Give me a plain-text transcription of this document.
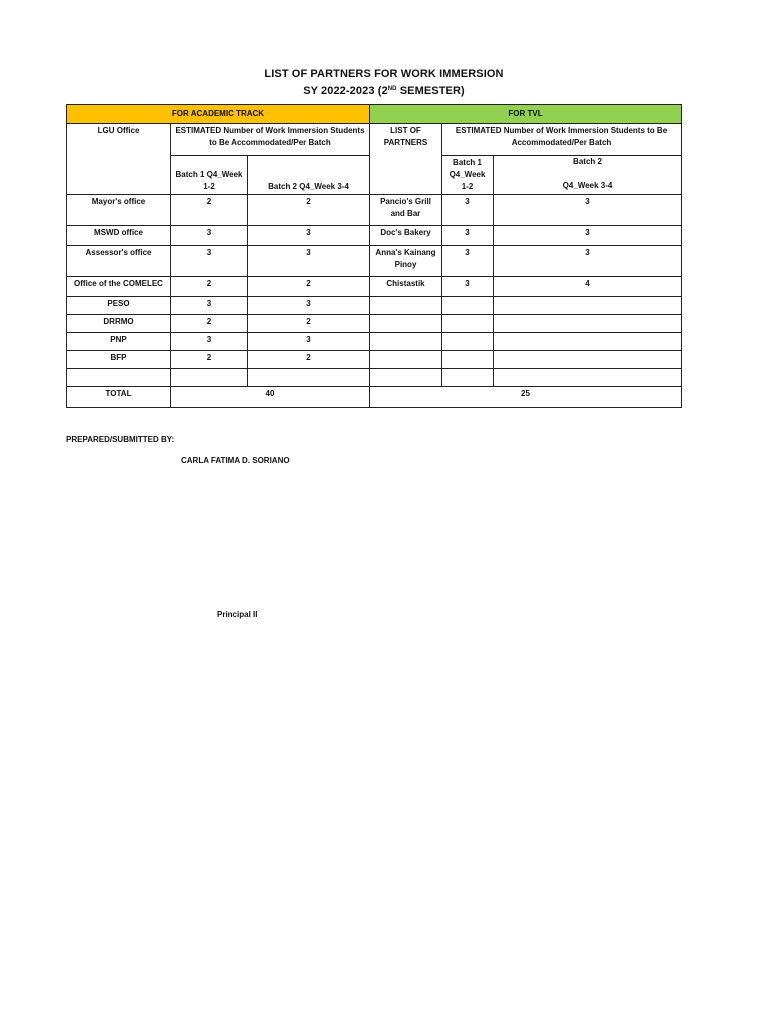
LIST OF PARTNERS FOR WORK IMMERSION
SY 2022-2023 (2ND SEMESTER)
FOR ACADEMIC TRACK			FOR TVL		
LGU Office	ESTIMATED Number of Work Immersion Students to Be Accommodated/Per Batch		LIST OF PARTNERS	ESTIMATED Number of Work Immersion Students to Be Accommodated/Per Batch	
	Batch 1 Q4_Week 1-2	Batch 2 Q4_Week 3-4		Batch 1 Q4_Week 1-2	Batch 2
Q4_Week 3-4

Mayor's office	2	2	Pancio's Grill and Bar	3	3
MSWD office	3	3	Doc's Bakery	3	3
Assessor's office	3	3	Anna's Kainang Pinoy	3	3
Office of the COMELEC	2	2	Chistastik	3	4
PESO	3	3			
DRRMO	2	2			
PNP	3	3			
BFP	2	2			

TOTAL	40		25		
PREPARED/SUBMITTED BY:
CARLA FATIMA D. SORIANO
Principal II
